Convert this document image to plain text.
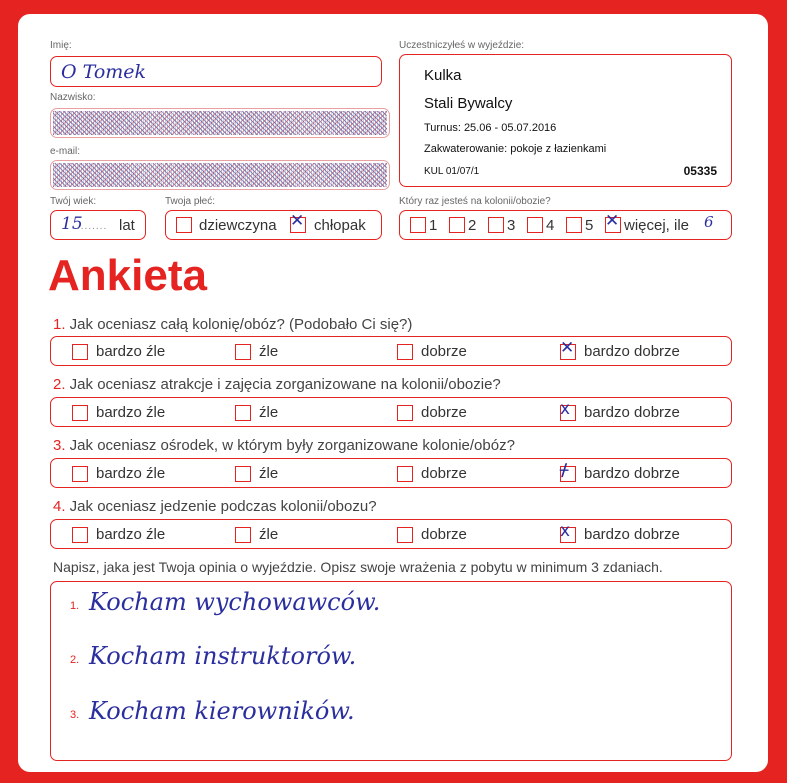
Imię:
O Tomek
Nazwisko:
e-mail:
Uczestniczyłeś w wyjeździe:
Kulka
Stali Bywalcy
Turnus: 25.06 - 05.07.2016
Zakwaterowanie: pokoje z łazienkami
KUL 01/07/1	05335
Twój wiek:
15
........ lat
Twoja płeć:
dziewczyna ✕ chłopak
Który raz jesteś na kolonii/obozie?
1 2 3 4 5 ✕ więcej, ile 6
Ankieta
1. Jak oceniasz całą kolonię/obóz? (Podobało Ci się?)
bardzo źle	źle	dobrze	✕ bardzo dobrze
2. Jak oceniasz atrakcje i zajęcia zorganizowane na kolonii/obozie?
bardzo źle	źle	dobrze	x bardzo dobrze
3. Jak oceniasz ośrodek, w którym były zorganizowane kolonie/obóz?
bardzo źle	źle	dobrze	ᚋ bardzo dobrze
4. Jak oceniasz jedzenie podczas kolonii/obozu?
bardzo źle	źle	dobrze	x bardzo dobrze
Napisz, jaka jest Twoja opinia o wyjeździe. Opisz swoje wrażenia z pobytu w minimum 3 zdaniach.
1. Kocham wychowawców.
2. Kocham instruktorów.
3. Kocham kierowników.
